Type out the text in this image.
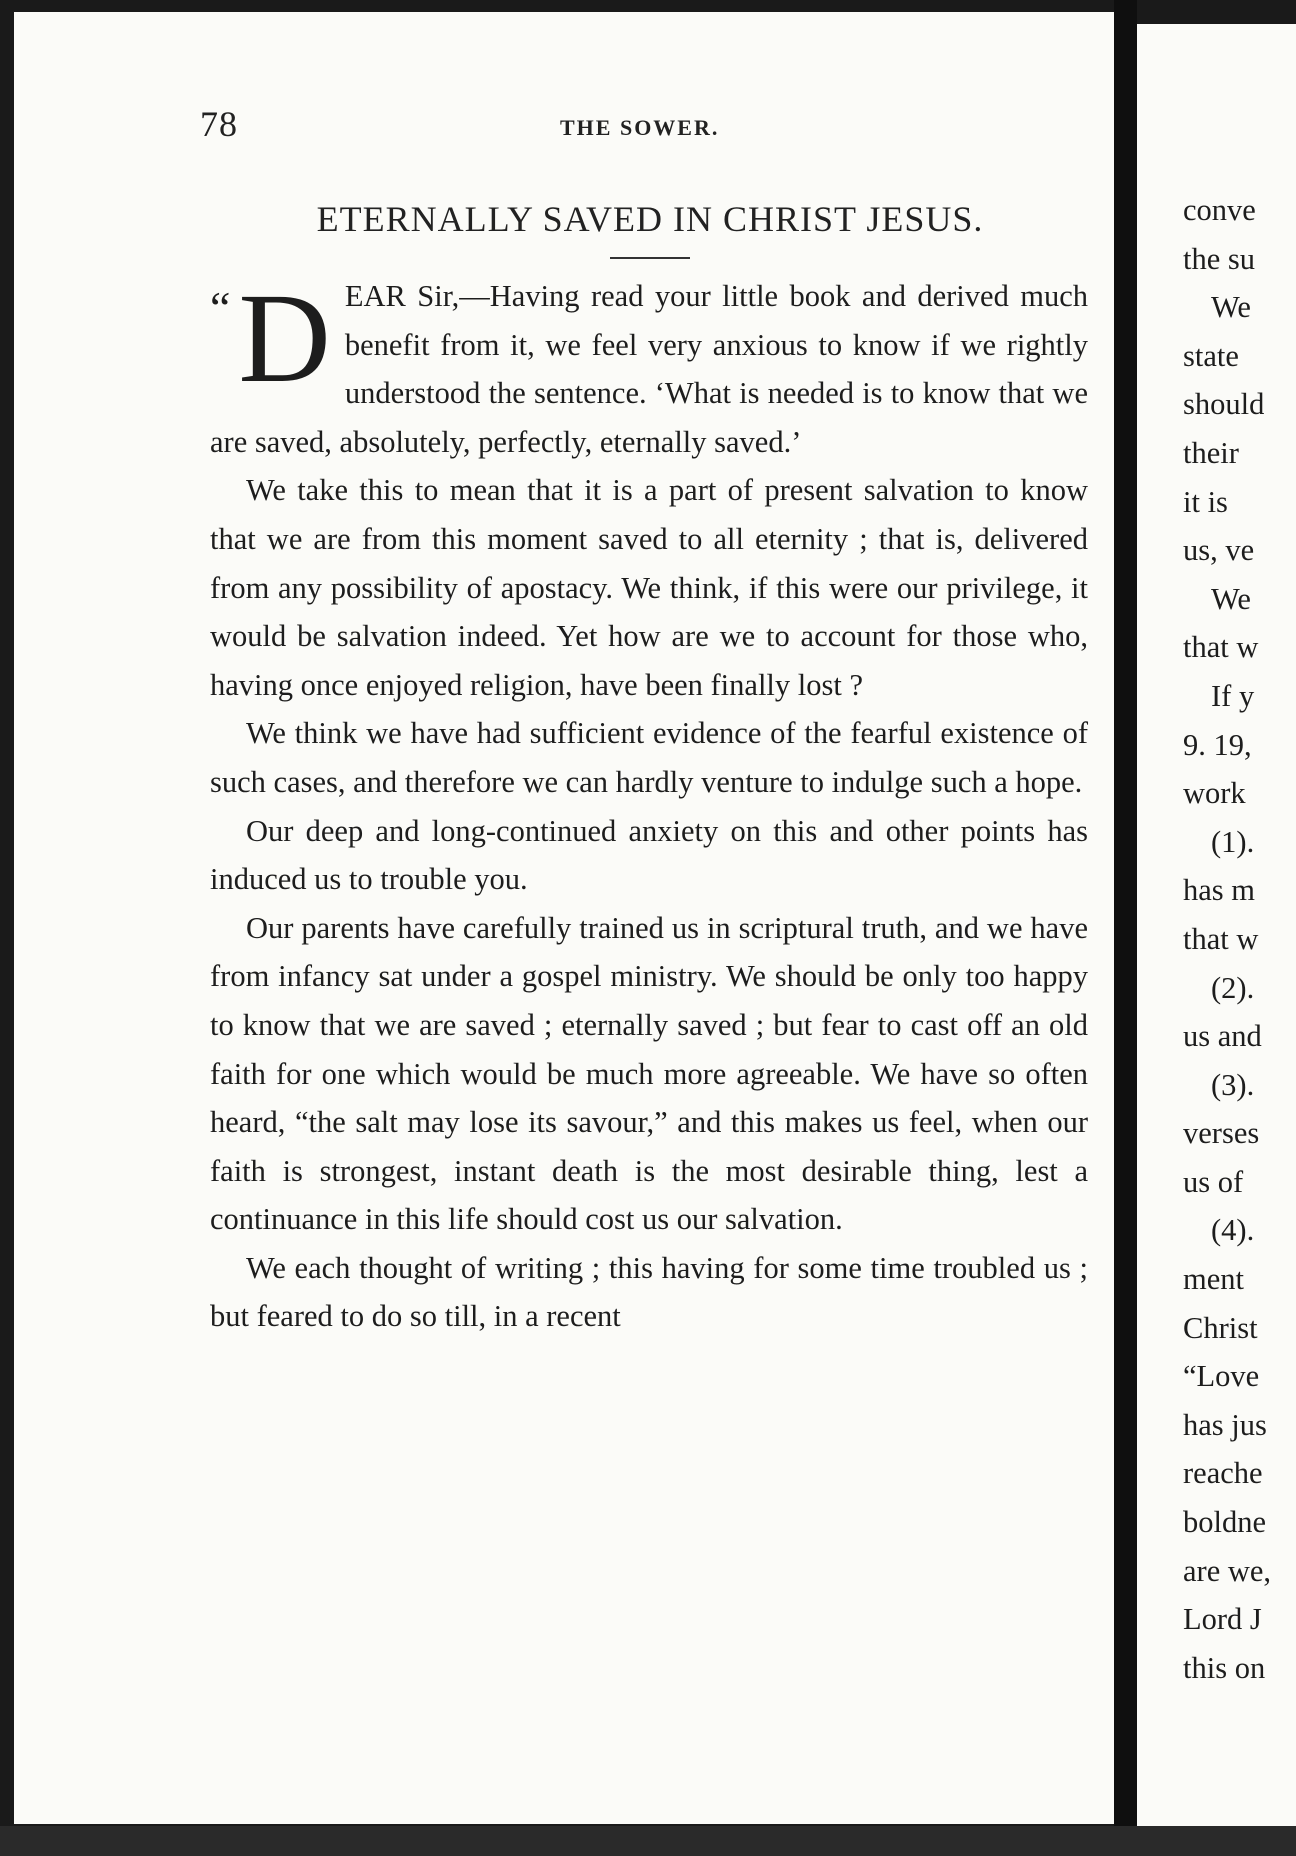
78	THE SOWER.
ETERNALLY SAVED IN CHRIST JESUS.

“ D EAR Sir,—Having read your little book and derived much benefit from it, we feel very anxious to know if we rightly understood the sentence. ‘What is needed is to know that we are saved, absolutely, perfectly, eternally saved.’

We take this to mean that it is a part of present salvation to know that we are from this moment saved to all eternity ; that is, delivered from any possibility of apostacy. We think, if this were our privilege, it would be salvation indeed. Yet how are we to account for those who, having once enjoyed religion, have been finally lost ?

We think we have had sufficient evidence of the fearful existence of such cases, and therefore we can hardly venture to indulge such a hope.

Our deep and long-continued anxiety on this and other points has induced us to trouble you.

Our parents have carefully trained us in scriptural truth, and we have from infancy sat under a gospel ministry. We should be only too happy to know that we are saved ; eternally saved ; but fear to cast off an old faith for one which would be much more agreeable. We have so often heard, “the salt may lose its savour,” and this makes us feel, when our faith is strongest, instant death is the most desirable thing, lest a continuance in this life should cost us our salvation.

We each thought of writing ; this having for some time troubled us ; but feared to do so till, in a recent

conve
the su
We
state
should
their
it is
us, ve
We
that w
If y
9. 19,
work
(1).
has m
that w
(2).
us and
(3).
verses
us of
(4).
ment
Christ
“Love
has jus
reache
boldne
are we,
Lord J
this on
